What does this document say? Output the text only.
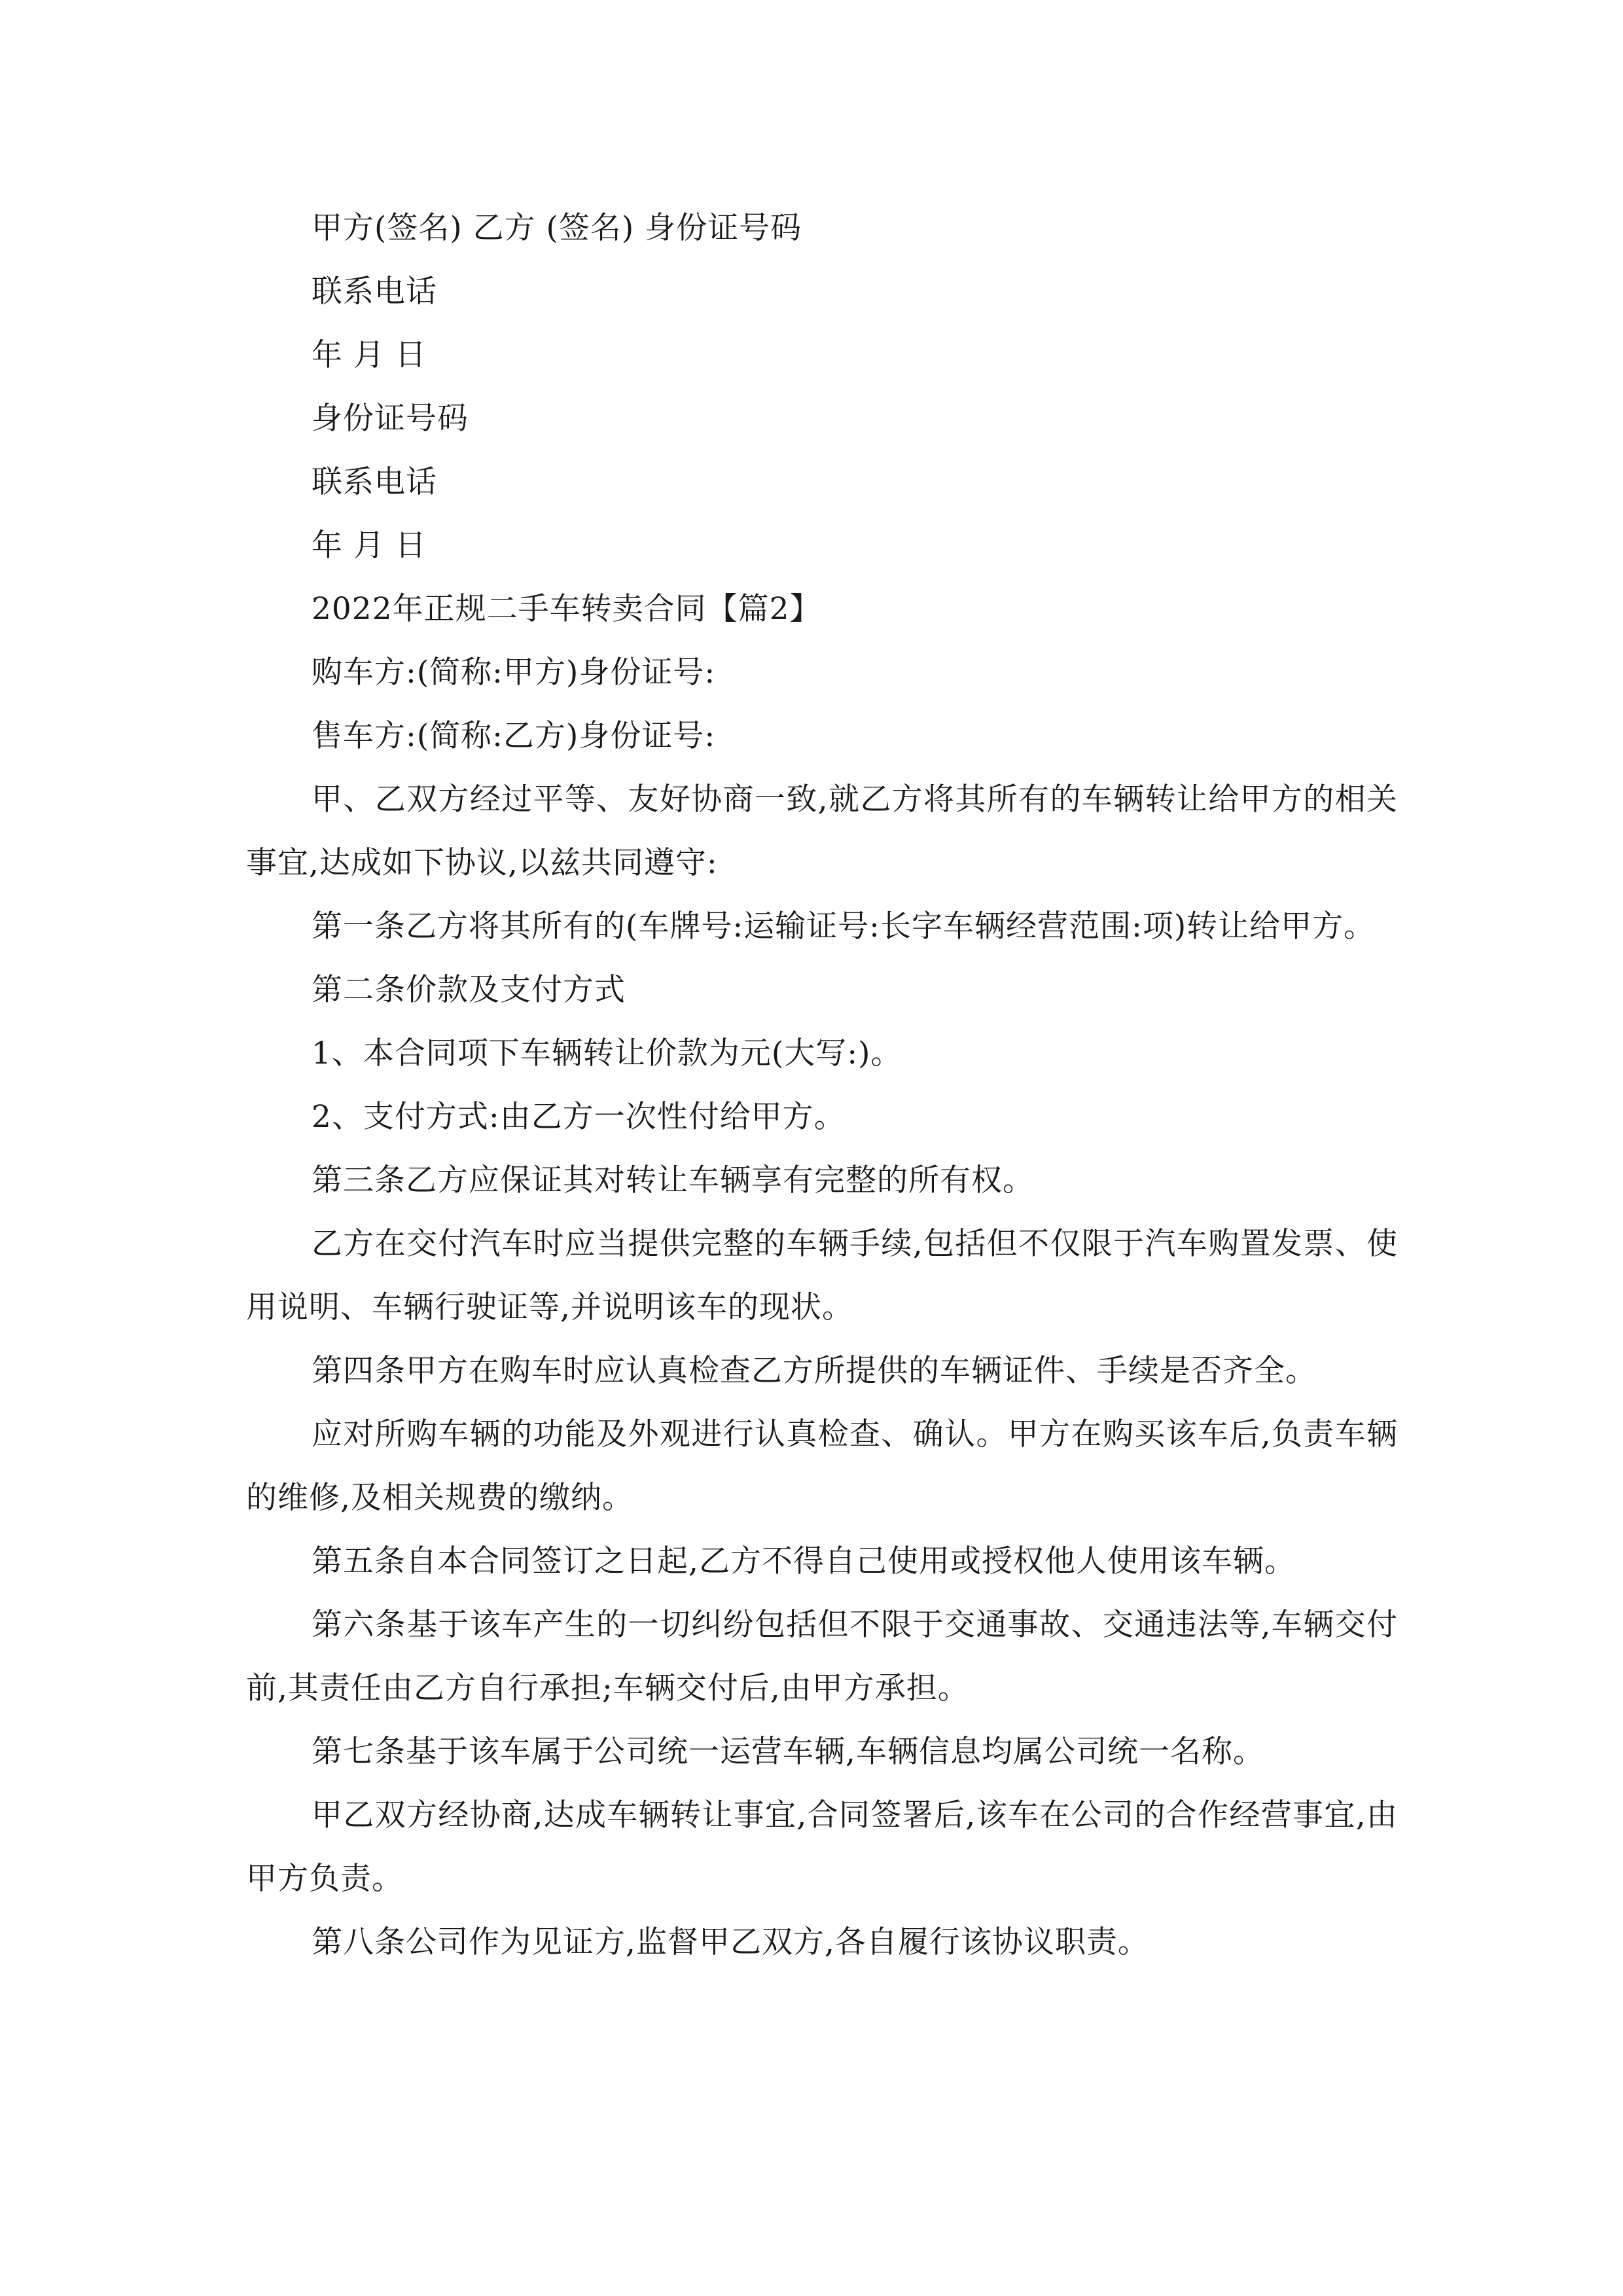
甲方(签名) 乙方 (签名) 身份证号码
联系电话
年 月 日
身份证号码
联系电话
年 月 日
2022年正规二手车转卖合同【篇2】
购车方:(简称:甲方)身份证号:
售车方:(简称:乙方)身份证号:

甲、乙双方经过平等、友好协商一致,就乙方将其所有的车辆转让给甲方的相关事宜,达成如下协议,以兹共同遵守:

第一条乙方将其所有的(车牌号:运输证号:长字车辆经营范围:项)转让给甲方。

第二条价款及支付方式

1、本合同项下车辆转让价款为元(大写:)。

2、支付方式:由乙方一次性付给甲方。

第三条乙方应保证其对转让车辆享有完整的所有权。

乙方在交付汽车时应当提供完整的车辆手续,包括但不仅限于汽车购置发票、使用说明、车辆行驶证等,并说明该车的现状。

第四条甲方在购车时应认真检查乙方所提供的车辆证件、手续是否齐全。

应对所购车辆的功能及外观进行认真检查、确认。甲方在购买该车后,负责车辆的维修,及相关规费的缴纳。

第五条自本合同签订之日起,乙方不得自己使用或授权他人使用该车辆。

第六条基于该车产生的一切纠纷包括但不限于交通事故、交通违法等,车辆交付前,其责任由乙方自行承担;车辆交付后,由甲方承担。

第七条基于该车属于公司统一运营车辆,车辆信息均属公司统一名称。

甲乙双方经协商,达成车辆转让事宜,合同签署后,该车在公司的合作经营事宜,由甲方负责。

第八条公司作为见证方,监督甲乙双方,各自履行该协议职责。
